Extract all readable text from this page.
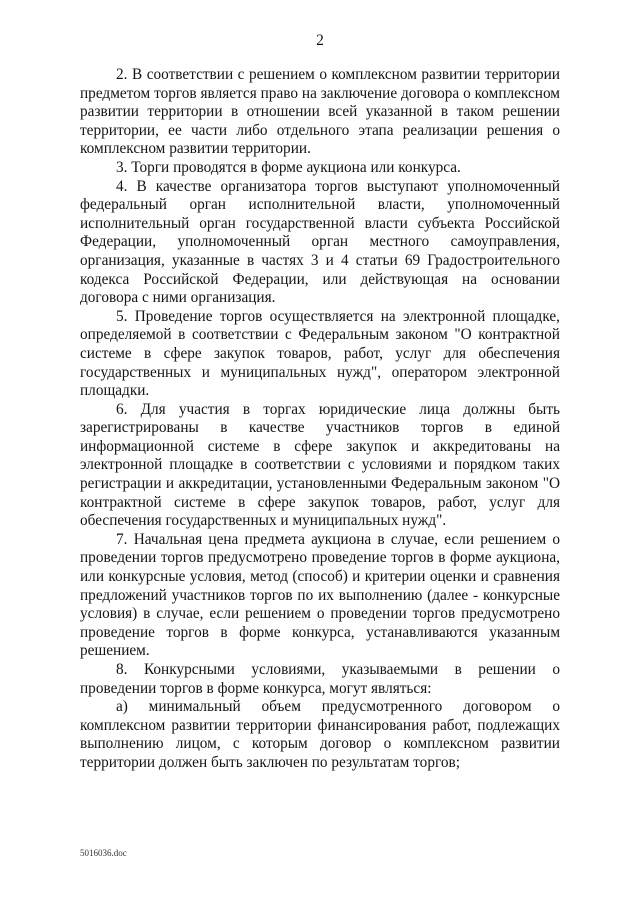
2

2. В соответствии с решением о комплексном развитии территории предметом торгов является право на заключение договора о комплексном развитии территории в отношении всей указанной в таком решении территории, ее части либо отдельного этапа реализации решения о комплексном развитии территории.

3. Торги проводятся в форме аукциона или конкурса.

4. В качестве организатора торгов выступают уполномоченный федеральный орган исполнительной власти, уполномоченный исполнительный орган государственной власти субъекта Российской Федерации, уполномоченный орган местного самоуправления, организация, указанные в частях 3 и 4 статьи 69 Градостроительного кодекса Российской Федерации, или действующая на основании договора с ними организация.

5. Проведение торгов осуществляется на электронной площадке, определяемой в соответствии с Федеральным законом "О контрактной системе в сфере закупок товаров, работ, услуг для обеспечения государственных и муниципальных нужд", оператором электронной площадки.

6. Для участия в торгах юридические лица должны быть зарегистрированы в качестве участников торгов в единой информационной системе в сфере закупок и аккредитованы на электронной площадке в соответствии с условиями и порядком таких регистрации и аккредитации, установленными Федеральным законом "О контрактной системе в сфере закупок товаров, работ, услуг для обеспечения государственных и муниципальных нужд".

7. Начальная цена предмета аукциона в случае, если решением о проведении торгов предусмотрено проведение торгов в форме аукциона, или конкурсные условия, метод (способ) и критерии оценки и сравнения предложений участников торгов по их выполнению (далее - конкурсные условия) в случае, если решением о проведении торгов предусмотрено проведение торгов в форме конкурса, устанавливаются указанным решением.

8. Конкурсными условиями, указываемыми в решении о проведении торгов в форме конкурса, могут являться:

а) минимальный объем предусмотренного договором о комплексном развитии территории финансирования работ, подлежащих выполнению лицом, с которым договор о комплексном развитии территории должен быть заключен по результатам торгов;

5016036.doc
